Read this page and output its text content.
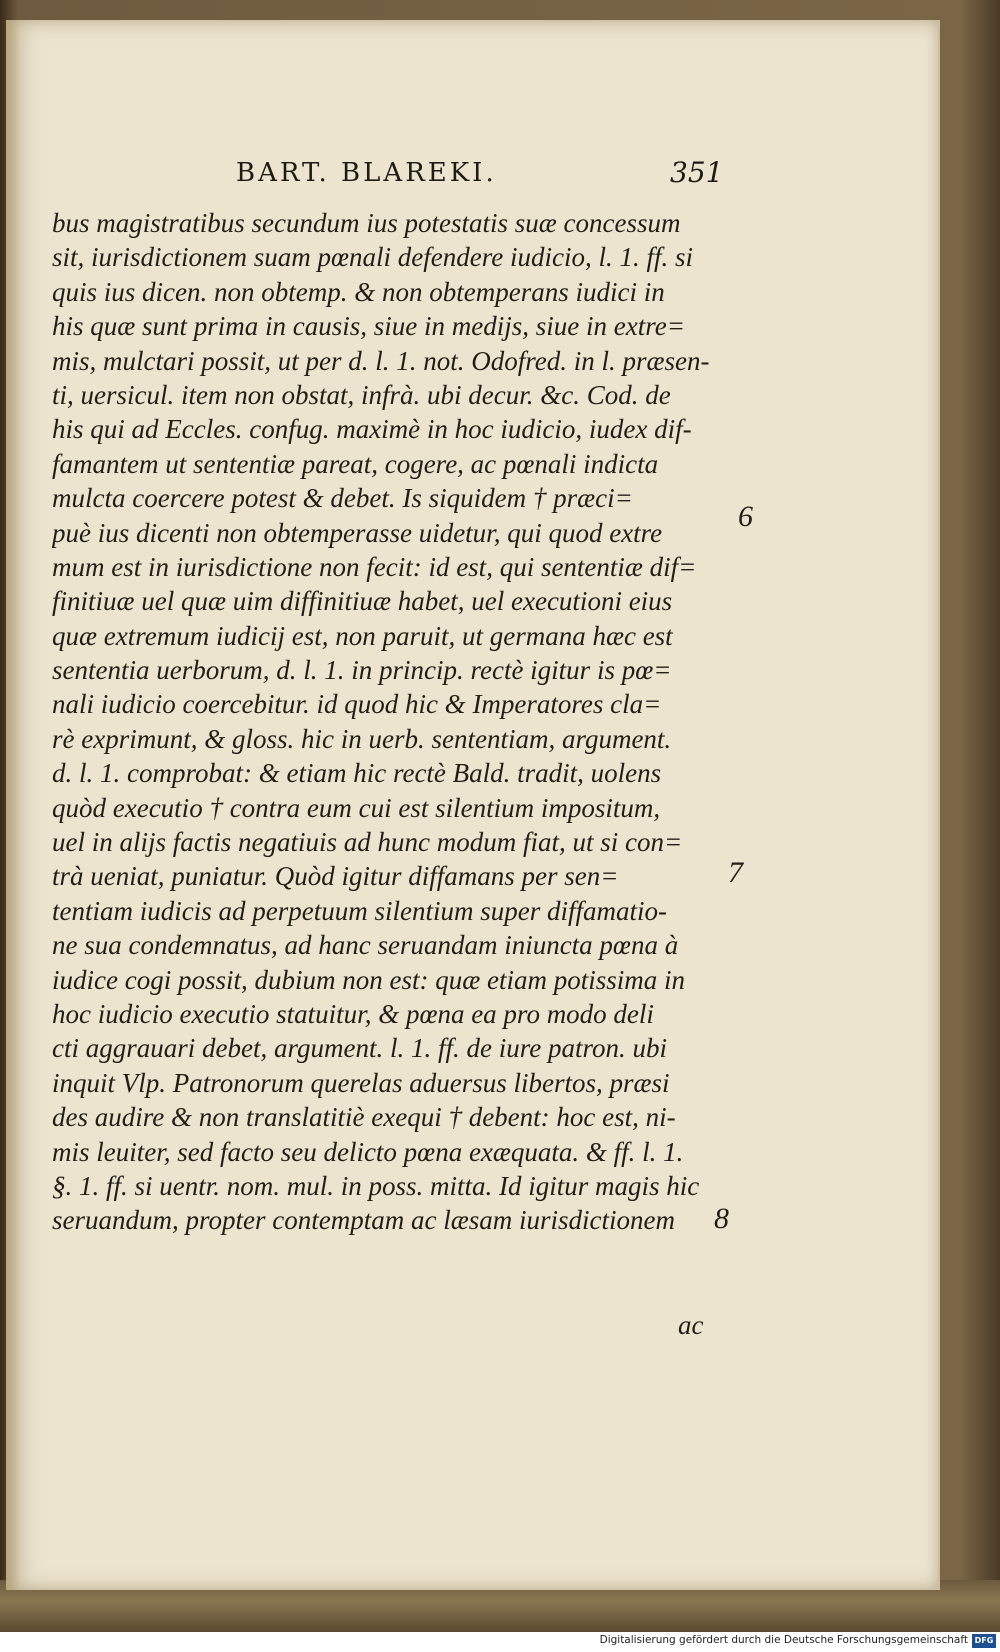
BART. BLAREKI.	351
bus magistratibus secundum ius potestatis suæ concessum
sit, iurisdictionem suam pœnali defendere iudicio, l. 1. ff. si
quis ius dicen. non obtemp. & non obtemperans iudici in
his quæ sunt prima in causis, siue in medijs, siue in extre=
mis, mulctari possit, ut per d. l. 1. not. Odofred. in l. præsen-
ti, uersicul. item non obstat, infrà. ubi decur. &c. Cod. de
his qui ad Eccles. confug. maximè in hoc iudicio, iudex dif-
famantem ut sententiæ pareat, cogere, ac pœnali indicta
mulcta coercere potest & debet. Is siquidem † præci=
puè ius dicenti non obtemperasse uidetur, qui quod extre
mum est in iurisdictione non fecit: id est, qui sententiæ dif=
finitiuæ uel quæ uim diffinitiuæ habet, uel executioni eius
quæ extremum iudicij est, non paruit, ut germana hæc est
sententia uerborum, d. l. 1. in princip. rectè igitur is pœ=
nali iudicio coercebitur. id quod hic & Imperatores cla=
rè exprimunt, & gloss. hic in uerb. sententiam, argument.
d. l. 1. comprobat: & etiam hic rectè Bald. tradit, uolens
quòd executio † contra eum cui est silentium impositum,
uel in alijs factis negatiuis ad hunc modum fiat, ut si con=
trà ueniat, puniatur. Quòd igitur diffamans per sen=
tentiam iudicis ad perpetuum silentium super diffamatio-
ne sua condemnatus, ad hanc seruandam iniuncta pœna à
iudice cogi possit, dubium non est: quæ etiam potissima in
hoc iudicio executio statuitur, & pœna ea pro modo deli
cti aggrauari debet, argument. l. 1. ff. de iure patron. ubi
inquit Vlp. Patronorum querelas aduersus libertos, præsi
des audire & non translatitiè exequi † debent: hoc est, ni-
mis leuiter, sed facto seu delicto pœna exæquata. & ff. l. 1.
§. 1. ff. si uentr. nom. mul. in poss. mitta. Id igitur magis hic
seruandum, propter contemptam ac læsam iurisdictionem
6
7
8
ac
Digitalisierung gefördert durch die Deutsche Forschungsgemeinschaft DFG
